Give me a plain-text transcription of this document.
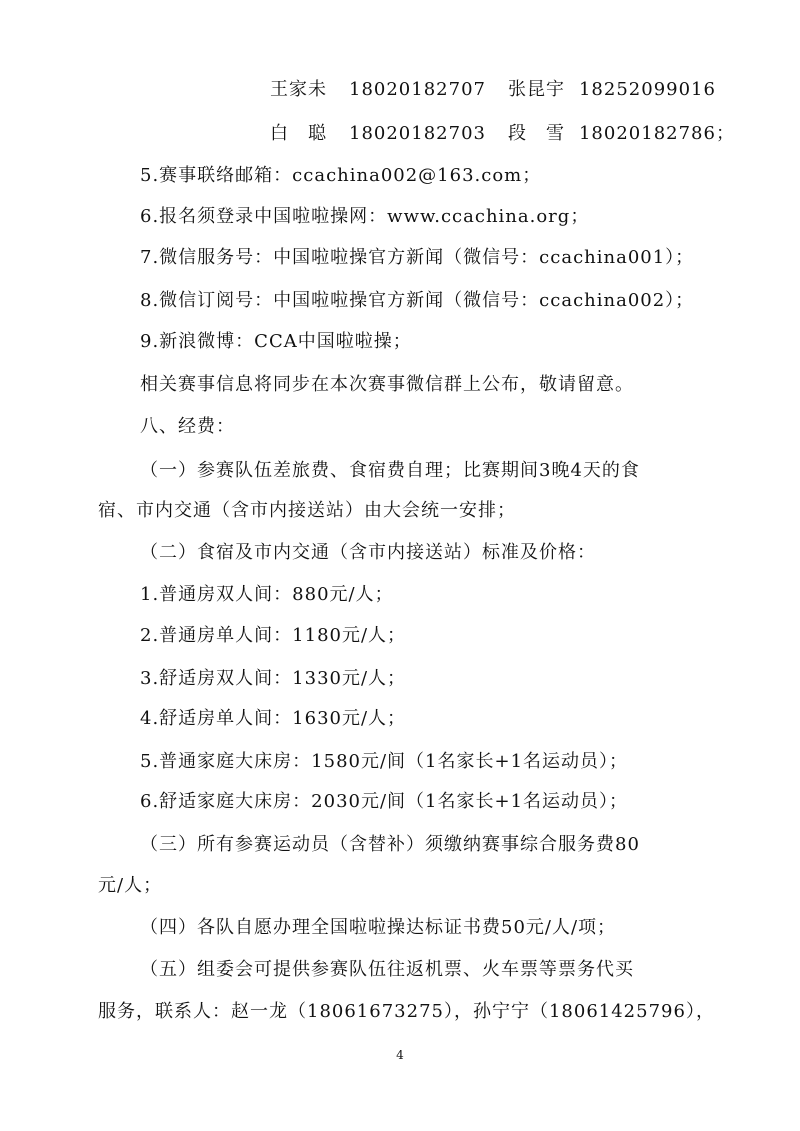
王家未 18020182707 张昆宇 18252099016
白　聪 18020182703 段　雪 18020182786；
5.赛事联络邮箱：ccachina002@163.com；
6.报名须登录中国啦啦操网：www.ccachina.org；
7.微信服务号：中国啦啦操官方新闻（微信号：ccachina001）；
8.微信订阅号：中国啦啦操官方新闻（微信号：ccachina002）；
9.新浪微博：CCA中国啦啦操；
相关赛事信息将同步在本次赛事微信群上公布，敬请留意。
八、经费：
（一）参赛队伍差旅费、食宿费自理；比赛期间3晚4天的食
宿、市内交通（含市内接送站）由大会统一安排；
（二）食宿及市内交通（含市内接送站）标准及价格：
1.普通房双人间：880元/人；
2.普通房单人间：1180元/人；
3.舒适房双人间：1330元/人；
4.舒适房单人间：1630元/人；
5.普通家庭大床房：1580元/间（1名家长+1名运动员）；
6.舒适家庭大床房：2030元/间（1名家长+1名运动员）；
（三）所有参赛运动员（含替补）须缴纳赛事综合服务费80
元/人；
（四）各队自愿办理全国啦啦操达标证书费50元/人/项；
（五）组委会可提供参赛队伍往返机票、火车票等票务代买
服务，联系人：赵一龙（18061673275），孙宁宁（18061425796），
4
